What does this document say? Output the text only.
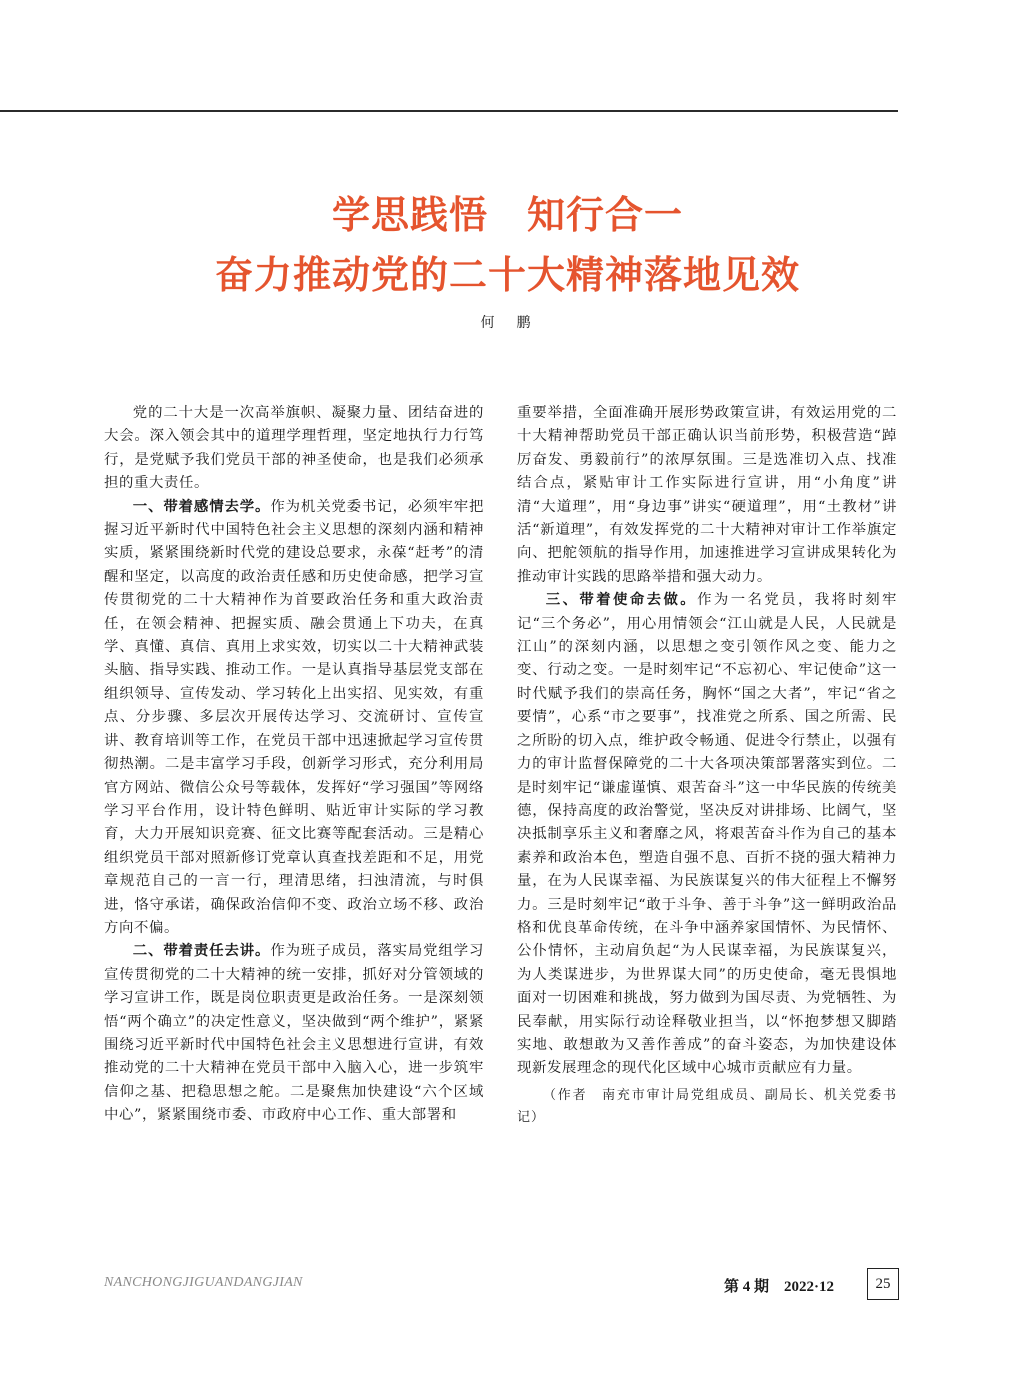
学思践悟　知行合一
奋力推动党的二十大精神落地见效
何　鹏

党的二十大是一次高举旗帜、凝聚力量、团结奋进的大会。深入领会其中的道理学理哲理，坚定地执行力行笃行，是党赋予我们党员干部的神圣使命，也是我们必须承担的重大责任。

一、带着感情去学。作为机关党委书记，必须牢牢把握习近平新时代中国特色社会主义思想的深刻内涵和精神实质，紧紧围绕新时代党的建设总要求，永葆“赶考”的清醒和坚定，以高度的政治责任感和历史使命感，把学习宣传贯彻党的二十大精神作为首要政治任务和重大政治责任，在领会精神、把握实质、融会贯通上下功夫，在真学、真懂、真信、真用上求实效，切实以二十大精神武装头脑、指导实践、推动工作。一是认真指导基层党支部在组织领导、宣传发动、学习转化上出实招、见实效，有重点、分步骤、多层次开展传达学习、交流研讨、宣传宣讲、教育培训等工作，在党员干部中迅速掀起学习宣传贯彻热潮。二是丰富学习手段，创新学习形式，充分利用局官方网站、微信公众号等载体，发挥好“学习强国”等网络学习平台作用，设计特色鲜明、贴近审计实际的学习教育，大力开展知识竞赛、征文比赛等配套活动。三是精心组织党员干部对照新修订党章认真查找差距和不足，用党章规范自己的一言一行，理清思绪，扫浊清流，与时俱进，恪守承诺，确保政治信仰不变、政治立场不移、政治方向不偏。

二、带着责任去讲。作为班子成员，落实局党组学习宣传贯彻党的二十大精神的统一安排，抓好对分管领域的学习宣讲工作，既是岗位职责更是政治任务。一是深刻领悟“两个确立”的决定性意义，坚决做到“两个维护”，紧紧围绕习近平新时代中国特色社会主义思想进行宣讲，有效推动党的二十大精神在党员干部中入脑入心，进一步筑牢信仰之基、把稳思想之舵。二是聚焦加快建设“六个区域中心”，紧紧围绕市委、市政府中心工作、重大部署和

重要举措，全面准确开展形势政策宣讲，有效运用党的二十大精神帮助党员干部正确认识当前形势，积极营造“踔厉奋发、勇毅前行”的浓厚氛围。三是选准切入点、找准结合点，紧贴审计工作实际进行宣讲，用“小角度”讲清“大道理”，用“身边事”讲实“硬道理”，用“土教材”讲活“新道理”，有效发挥党的二十大精神对审计工作举旗定向、把舵领航的指导作用，加速推进学习宣讲成果转化为推动审计实践的思路举措和强大动力。

三、带着使命去做。作为一名党员，我将时刻牢记“三个务必”，用心用情领会“江山就是人民，人民就是江山”的深刻内涵，以思想之变引领作风之变、能力之变、行动之变。一是时刻牢记“不忘初心、牢记使命”这一时代赋予我们的崇高任务，胸怀“国之大者”，牢记“省之要情”，心系“市之要事”，找准党之所系、国之所需、民之所盼的切入点，维护政令畅通、促进令行禁止，以强有力的审计监督保障党的二十大各项决策部署落实到位。二是时刻牢记“谦虚谨慎、艰苦奋斗”这一中华民族的传统美德，保持高度的政治警觉，坚决反对讲排场、比阔气，坚决抵制享乐主义和奢靡之风，将艰苦奋斗作为自己的基本素养和政治本色，塑造自强不息、百折不挠的强大精神力量，在为人民谋幸福、为民族谋复兴的伟大征程上不懈努力。三是时刻牢记“敢于斗争、善于斗争”这一鲜明政治品格和优良革命传统，在斗争中涵养家国情怀、为民情怀、公仆情怀，主动肩负起“为人民谋幸福，为民族谋复兴，为人类谋进步，为世界谋大同”的历史使命，毫无畏惧地面对一切困难和挑战，努力做到为国尽责、为党牺牲、为民奉献，用实际行动诠释敬业担当，以“怀抱梦想又脚踏实地、敢想敢为又善作善成”的奋斗姿态，为加快建设体现新发展理念的现代化区域中心城市贡献应有力量。

（作者　南充市审计局党组成员、副局长、机关党委书记）

NANCHONGJIGUANDANGJIAN	第 4 期　2022·12	25
